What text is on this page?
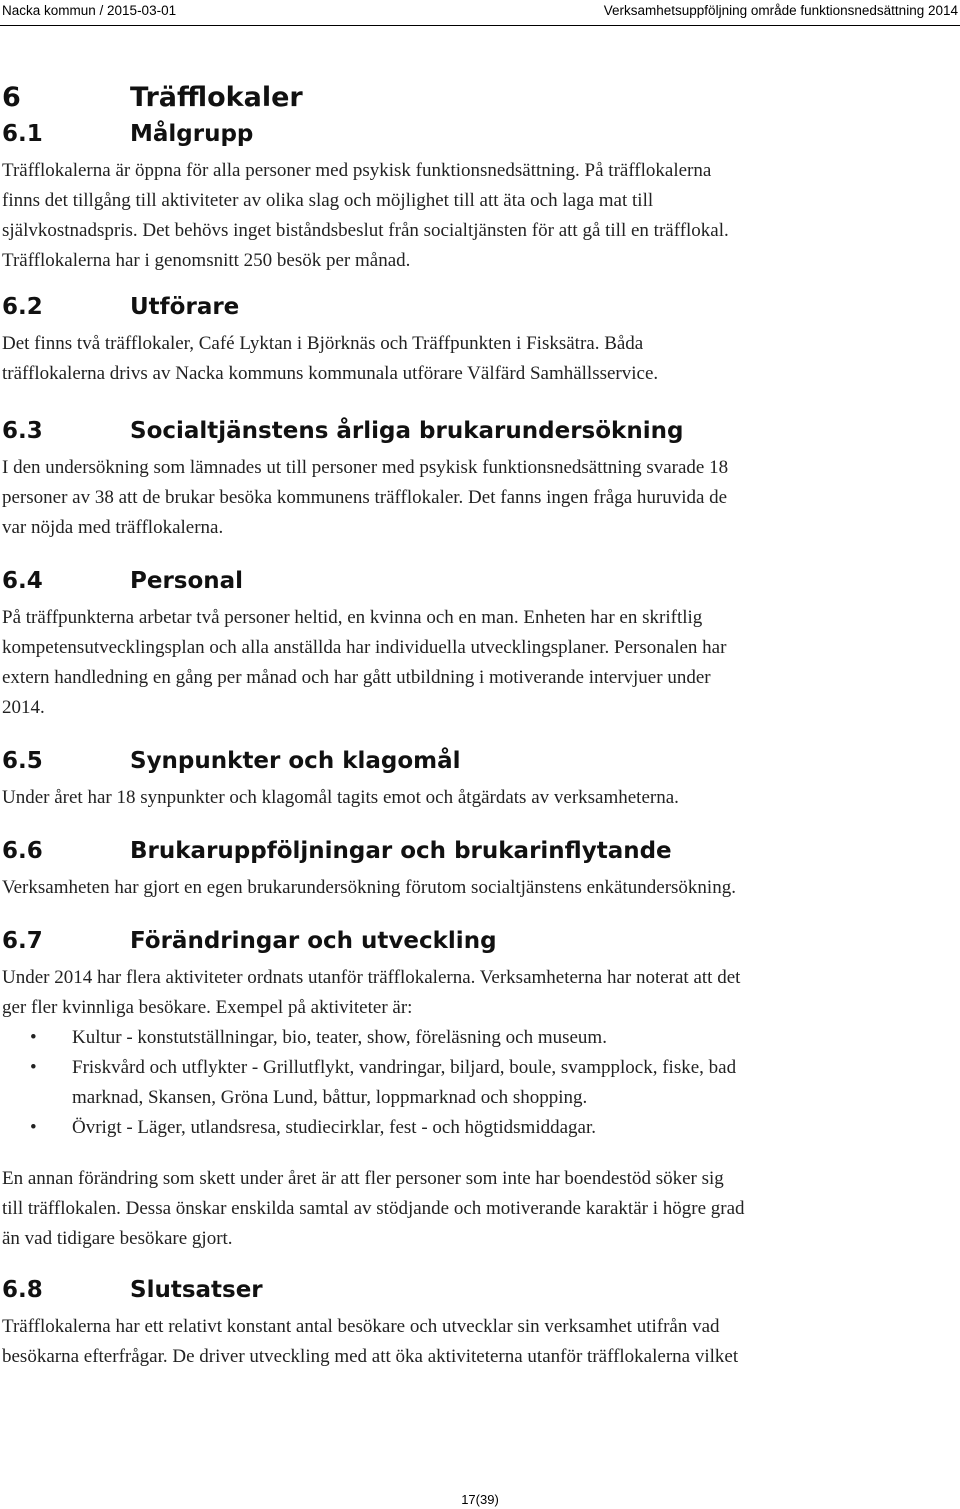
Nacka kommun / 2015-03-01	Verksamhetsuppföljning område funktionsnedsättning 2014
6	Träfflokaler
6.1	Målgrupp

Träfflokalerna är öppna för alla personer med psykisk funktionsnedsättning. På träfflokalerna
finns det tillgång till aktiviteter av olika slag och möjlighet till att äta och laga mat till
självkostnadspris. Det behövs inget biståndsbeslut från socialtjänsten för att gå till en träfflokal.
Träfflokalerna har i genomsnitt 250 besök per månad.

6.2	Utförare

Det finns två träfflokaler, Café Lyktan i Björknäs och Träffpunkten i Fisksätra. Båda
träfflokalerna drivs av Nacka kommuns kommunala utförare Välfärd Samhällsservice.

6.3	Socialtjänstens årliga brukarundersökning

I den undersökning som lämnades ut till personer med psykisk funktionsnedsättning svarade 18
personer av 38 att de brukar besöka kommunens träfflokaler. Det fanns ingen fråga huruvida de
var nöjda med träfflokalerna.

6.4	Personal

På träffpunkterna arbetar två personer heltid, en kvinna och en man. Enheten har en skriftlig
kompetensutvecklingsplan och alla anställda har individuella utvecklingsplaner. Personalen har
extern handledning en gång per månad och har gått utbildning i motiverande intervjuer under
2014.

6.5	Synpunkter och klagomål

Under året har 18 synpunkter och klagomål tagits emot och åtgärdats av verksamheterna.

6.6	Brukaruppföljningar och brukarinflytande

Verksamheten har gjort en egen brukarundersökning förutom socialtjänstens enkätundersökning.

6.7	Förändringar och utveckling

Under 2014 har flera aktiviteter ordnats utanför träfflokalerna. Verksamheterna har noterat att det
ger fler kvinnliga besökare. Exempel på aktiviteter är:

• Kultur - konstutställningar, bio, teater, show, föreläsning och museum.
• Friskvård och utflykter - Grillutflykt, vandringar, biljard, boule, svampplock, fiske, bad
marknad, Skansen, Gröna Lund, båttur, loppmarknad och shopping.
• Övrigt - Läger, utlandsresa, studiecirklar, fest - och högtidsmiddagar.

En annan förändring som skett under året är att fler personer som inte har boendestöd söker sig
till träfflokalen. Dessa önskar enskilda samtal av stödjande och motiverande karaktär i högre grad
än vad tidigare besökare gjort.

6.8	Slutsatser

Träfflokalerna har ett relativt konstant antal besökare och utvecklar sin verksamhet utifrån vad
besökarna efterfrågar. De driver utveckling med att öka aktiviteterna utanför träfflokalerna vilket

17(39)
